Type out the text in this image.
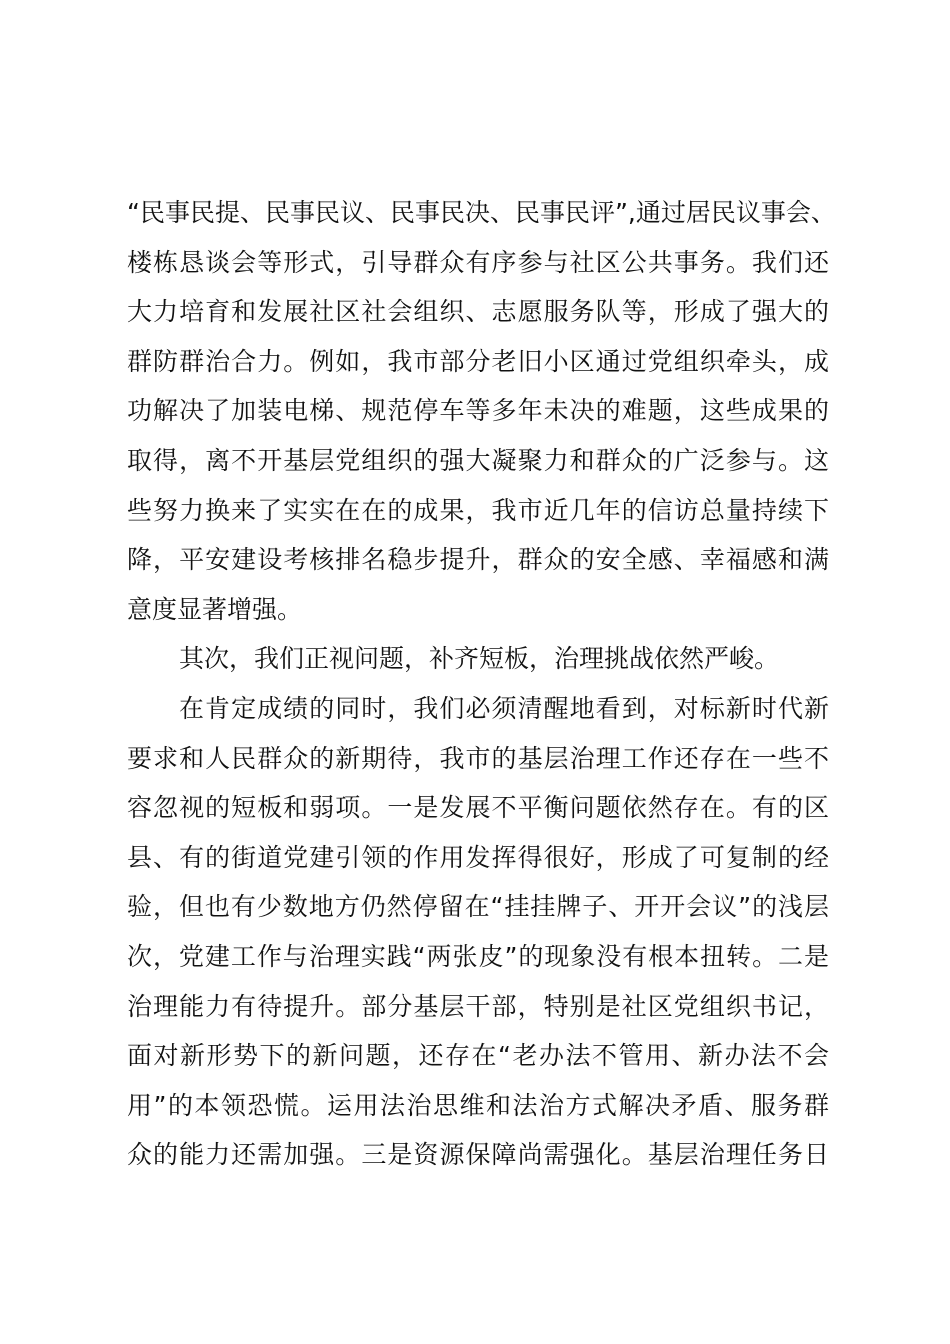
“民事民提、民事民议、民事民决、民事民评”,通过居民议事会、
楼栋恳谈会等形式，引导群众有序参与社区公共事务。我们还
大力培育和发展社区社会组织、志愿服务队等，形成了强大的
群防群治合力。例如，我市部分老旧小区通过党组织牵头，成
功解决了加装电梯、规范停车等多年未决的难题，这些成果的
取得，离不开基层党组织的强大凝聚力和群众的广泛参与。这
些努力换来了实实在在的成果，我市近几年的信访总量持续下
降，平安建设考核排名稳步提升，群众的安全感、幸福感和满
意度显著增强。
其次，我们正视问题，补齐短板，治理挑战依然严峻。
在肯定成绩的同时，我们必须清醒地看到，对标新时代新
要求和人民群众的新期待，我市的基层治理工作还存在一些不
容忽视的短板和弱项。一是发展不平衡问题依然存在。有的区
县、有的街道党建引领的作用发挥得很好，形成了可复制的经
验，但也有少数地方仍然停留在“挂挂牌子、开开会议”的浅层
次，党建工作与治理实践“两张皮”的现象没有根本扭转。二是
治理能力有待提升。部分基层干部，特别是社区党组织书记，
面对新形势下的新问题，还存在“老办法不管用、新办法不会
用”的本领恐慌。运用法治思维和法治方式解决矛盾、服务群
众的能力还需加强。三是资源保障尚需强化。基层治理任务日
